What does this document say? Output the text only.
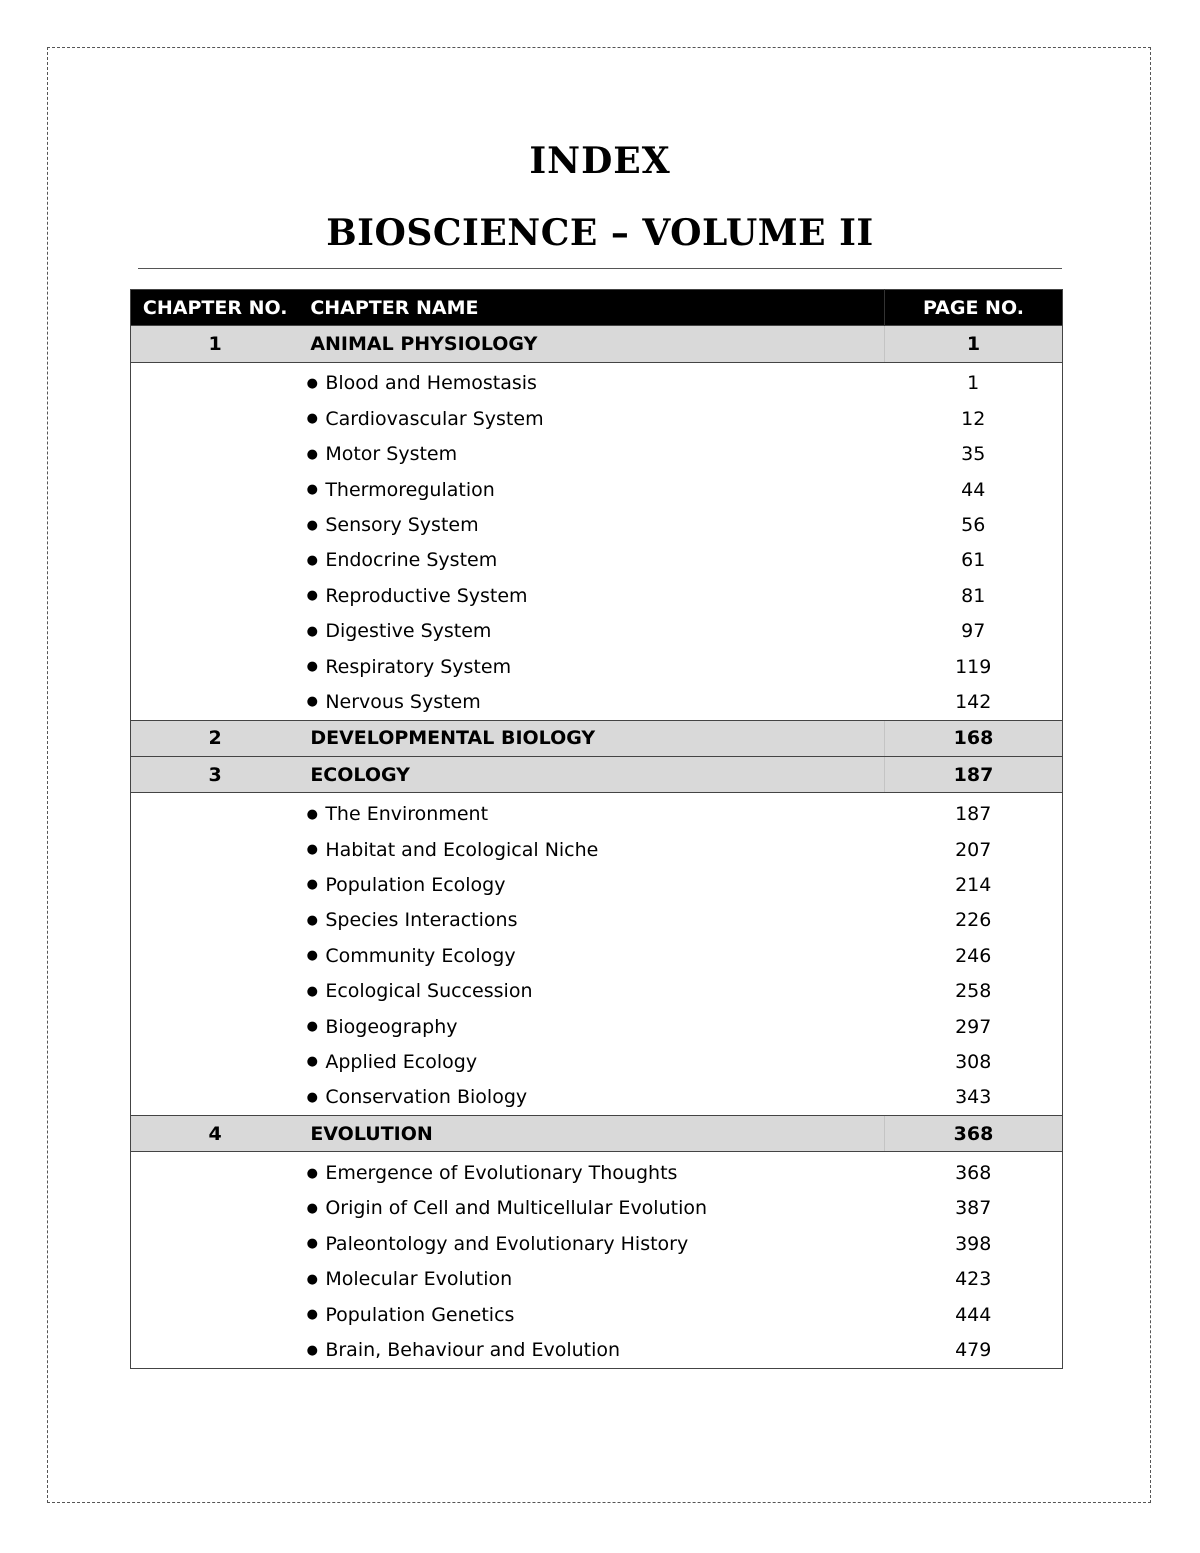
INDEX
BIOSCIENCE – VOLUME II
CHAPTER NO.	CHAPTER NAME	PAGE NO.
1	ANIMAL PHYSIOLOGY	1

	● Blood and Hemostasis	1

	● Cardiovascular System	12

	● Motor System	35

	● Thermoregulation	44

	● Sensory System	56

	● Endocrine System	61

	● Reproductive System	81

	● Digestive System	97

	● Respiratory System	119

	● Nervous System	142
2	DEVELOPMENTAL BIOLOGY	168
3	ECOLOGY	187

	● The Environment	187

	● Habitat and Ecological Niche	207

	● Population Ecology	214

	● Species Interactions	226

	● Community Ecology	246

	● Ecological Succession	258

	● Biogeography	297

	● Applied Ecology	308

	● Conservation Biology	343
4	EVOLUTION	368

	● Emergence of Evolutionary Thoughts	368

	● Origin of Cell and Multicellular Evolution	387

	● Paleontology and Evolutionary History	398

	● Molecular Evolution	423

	● Population Genetics	444

	● Brain, Behaviour and Evolution	479
